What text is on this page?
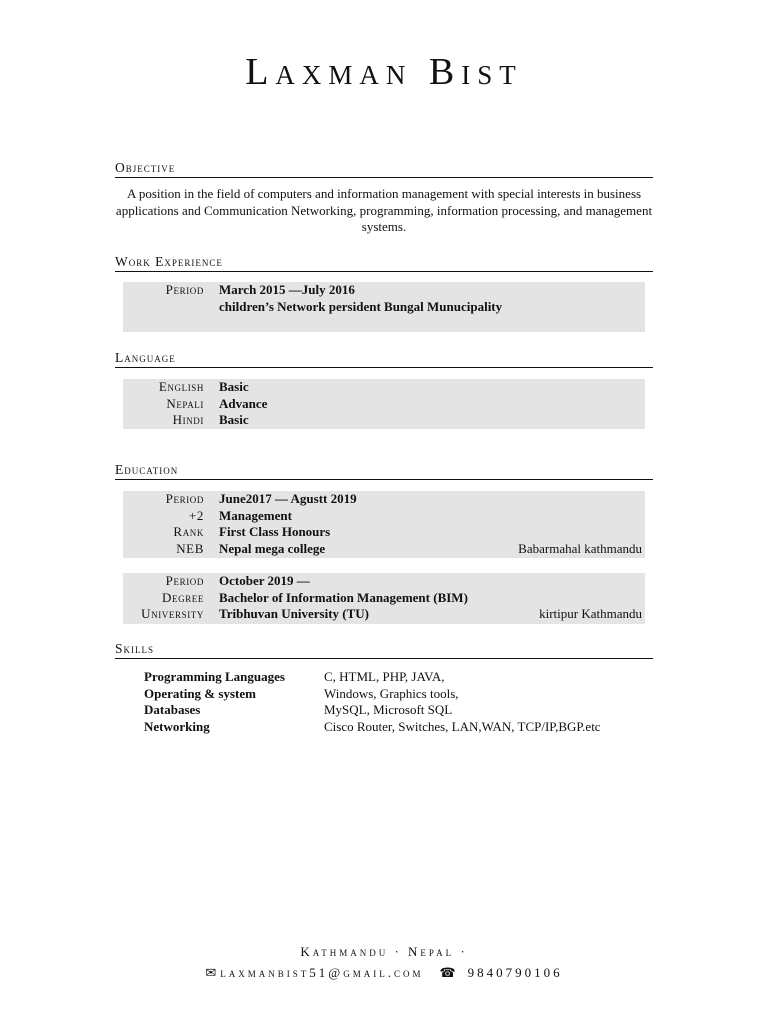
Laxman Bist
Objective
A position in the field of computers and information management with special interests in business applications and Communication Networking, programming, information processing, and management systems.
Work Experience
Period March 2015 —July 2016
children’s Network persident Bungal Munucipality
Language
English Basic
Nepali Advance
Hindi Basic
Education
Period June2017 — Agustt 2019
+2 Management
Rank First Class Honours
NEB Nepal mega college	Babarmahal kathmandu
Period October 2019 —
Degree Bachelor of Information Management (BIM)
University Tribhuvan University (TU)	kirtipur Kathmandu
Skills
Programming Languages	C, HTML, PHP, JAVA,
Operating & system	Windows, Graphics tools,
Databases	MySQL, Microsoft SQL
Networking	Cisco Router, Switches, LAN,WAN, TCP/IP,BGP.etc
Kathmandu · Nepal ·
✉ laxmanbist51@gmail.com ☎ 9840790106
